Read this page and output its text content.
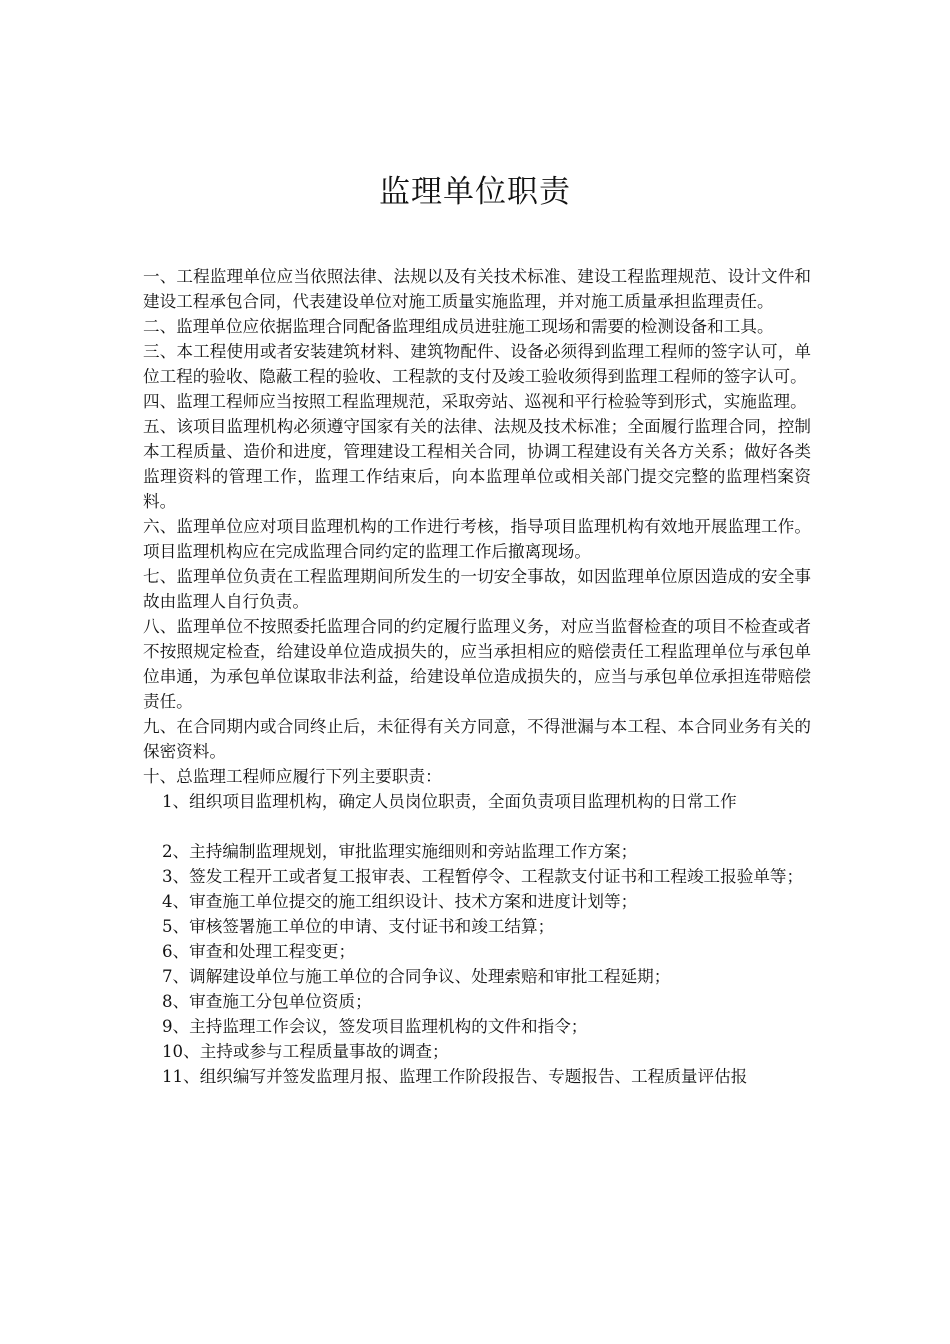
监理单位职责

一、工程监理单位应当依照法律、法规以及有关技术标准、建设工程监理规范、设计文件和建设工程承包合同，代表建设单位对施工质量实施监理，并对施工质量承担监理责任。

二、监理单位应依据监理合同配备监理组成员进驻施工现场和需要的检测设备和工具。

三、本工程使用或者安装建筑材料、建筑物配件、设备必须得到监理工程师的签字认可，单位工程的验收、隐蔽工程的验收、工程款的支付及竣工验收须得到监理工程师的签字认可。

四、监理工程师应当按照工程监理规范，采取旁站、巡视和平行检验等到形式，实施监理。

五、该项目监理机构必须遵守国家有关的法律、法规及技术标准；全面履行监理合同，控制本工程质量、造价和进度，管理建设工程相关合同，协调工程建设有关各方关系；做好各类监理资料的管理工作，监理工作结束后，向本监理单位或相关部门提交完整的监理档案资料。

六、监理单位应对项目监理机构的工作进行考核，指导项目监理机构有效地开展监理工作。项目监理机构应在完成监理合同约定的监理工作后撤离现场。

七、监理单位负责在工程监理期间所发生的一切安全事故，如因监理单位原因造成的安全事故由监理人自行负责。

八、监理单位不按照委托监理合同的约定履行监理义务，对应当监督检查的项目不检查或者不按照规定检查，给建设单位造成损失的，应当承担相应的赔偿责任工程监理单位与承包单位串通，为承包单位谋取非法利益，给建设单位造成损失的，应当与承包单位承担连带赔偿责任。

九、在合同期内或合同终止后，未征得有关方同意，不得泄漏与本工程、本合同业务有关的保密资料。

十、总监理工程师应履行下列主要职责：

1、组织项目监理机构，确定人员岗位职责，全面负责项目监理机构的日常工作

2、主持编制监理规划，审批监理实施细则和旁站监理工作方案；

3、签发工程开工或者复工报审表、工程暂停令、工程款支付证书和工程竣工报验单等；

4、审查施工单位提交的施工组织设计、技术方案和进度计划等；

5、审核签署施工单位的申请、支付证书和竣工结算；

6、审查和处理工程变更；

7、调解建设单位与施工单位的合同争议、处理索赔和审批工程延期；

8、审查施工分包单位资质；

9、主持监理工作会议，签发项目监理机构的文件和指令；

10、主持或参与工程质量事故的调查；

11、组织编写并签发监理月报、监理工作阶段报告、专题报告、工程质量评估报
